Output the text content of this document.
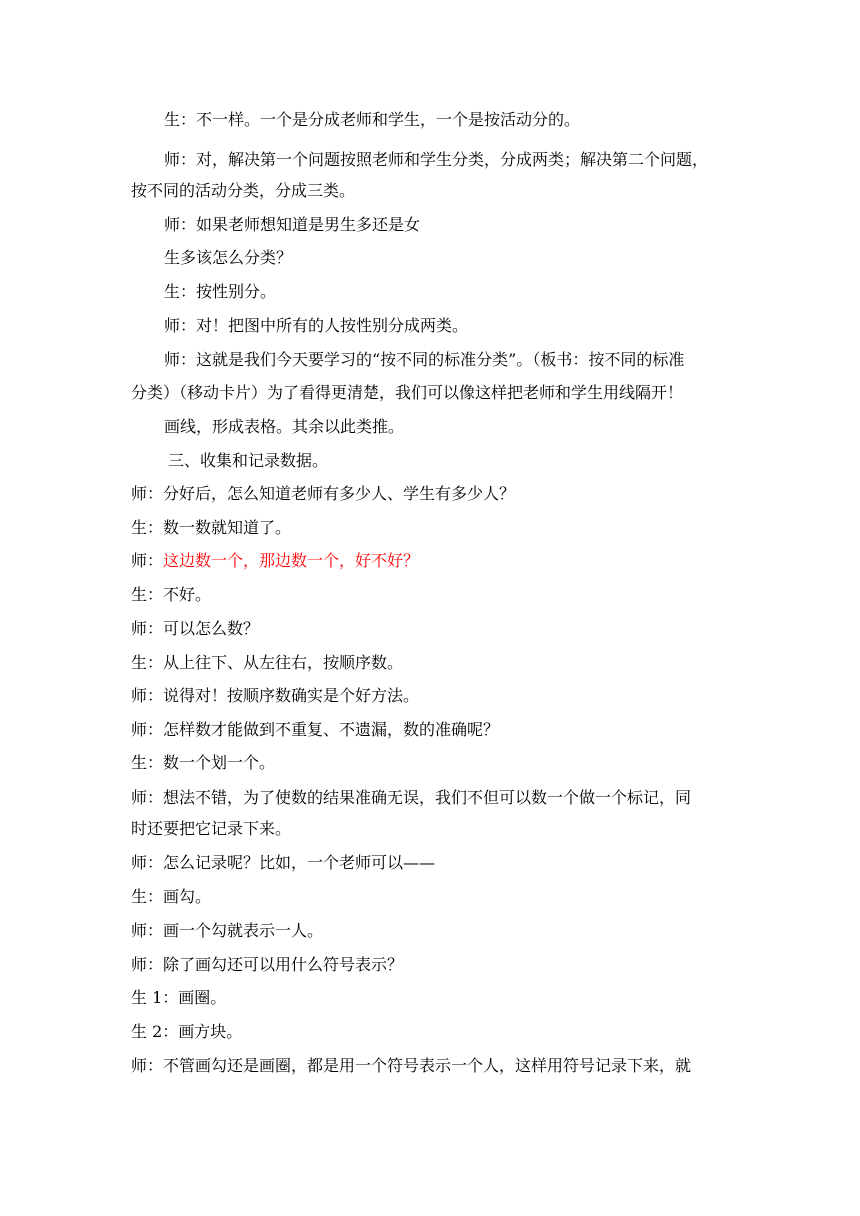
生：不一样。一个是分成老师和学生，一个是按活动分的。
师：对，解决第一个问题按照老师和学生分类，分成两类；解决第二个问题，
按不同的活动分类，分成三类。
师：如果老师想知道是男生多还是女
生多该怎么分类？
生：按性别分。
师：对！把图中所有的人按性别分成两类。
师：这就是我们今天要学习的“按不同的标准分类”。（板书：按不同的标准
分类）（移动卡片）为了看得更清楚，我们可以像这样把老师和学生用线隔开！
画线，形成表格。其余以此类推。
三、收集和记录数据。
师：分好后，怎么知道老师有多少人、学生有多少人？
生：数一数就知道了。
师：这边数一个，那边数一个，好不好？
生：不好。
师：可以怎么数？
生：从上往下、从左往右，按顺序数。
师：说得对！按顺序数确实是个好方法。
师：怎样数才能做到不重复、不遗漏，数的准确呢？
生：数一个划一个。
师：想法不错，为了使数的结果准确无误，我们不但可以数一个做一个标记，同
时还要把它记录下来。
师：怎么记录呢？比如，一个老师可以——
生：画勾。
师：画一个勾就表示一人。
师：除了画勾还可以用什么符号表示？
生 1：画圈。
生 2：画方块。
师：不管画勾还是画圈，都是用一个符号表示一个人，这样用符号记录下来，就
